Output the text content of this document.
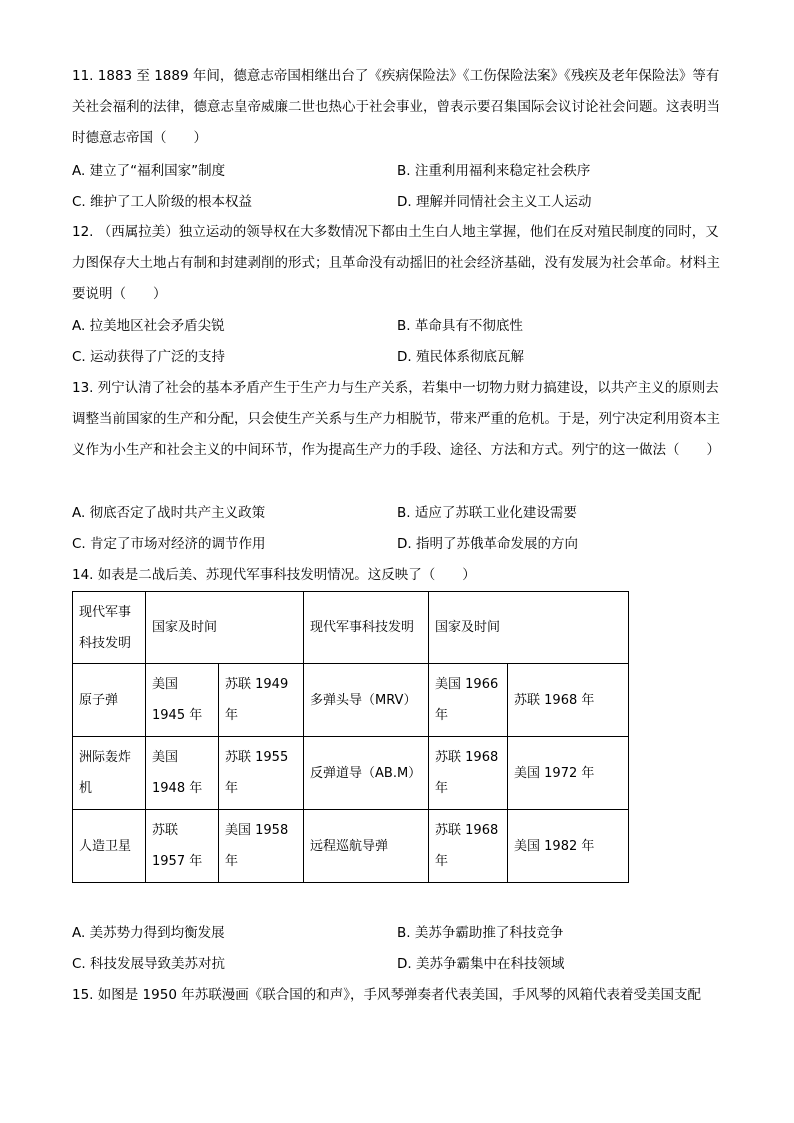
11. 1883 至 1889 年间，德意志帝国相继出台了《疾病保险法》《工伤保险法案》《残疾及老年保险法》等有关社会福利的法律，德意志皇帝威廉二世也热心于社会事业，曾表示要召集国际会议讨论社会问题。这表明当时德意志帝国（　　）
A. 建立了“福利国家”制度	B. 注重利用福利来稳定社会秩序
C. 维护了工人阶级的根本权益	D. 理解并同情社会主义工人运动
12. （西属拉美）独立运动的领导权在大多数情况下都由土生白人地主掌握，他们在反对殖民制度的同时，又力图保存大土地占有制和封建剥削的形式；且革命没有动摇旧的社会经济基础，没有发展为社会革命。材料主要说明（　　）
A. 拉美地区社会矛盾尖锐	B. 革命具有不彻底性
C. 运动获得了广泛的支持	D. 殖民体系彻底瓦解
13. 列宁认清了社会的基本矛盾产生于生产力与生产关系，若集中一切物力财力搞建设，以共产主义的原则去调整当前国家的生产和分配，只会使生产关系与生产力相脱节，带来严重的危机。于是，列宁决定利用资本主义作为小生产和社会主义的中间环节，作为提高生产力的手段、途径、方法和方式。列宁的这一做法（　　）
A. 彻底否定了战时共产主义政策	B. 适应了苏联工业化建设需要
C. 肯定了市场对经济的调节作用	D. 指明了苏俄革命发展的方向
14. 如表是二战后美、苏现代军事科技发明情况。这反映了（　　）
现代军事科技发明	国家及时间		现代军事科技发明	国家及时间	
原子弹	美国 1945 年	苏联 1949 年	多弹头导（MRV）	美国 1966 年	苏联 1968 年
洲际轰炸机	美国 1948 年	苏联 1955 年	反弹道导（AB.M）	苏联 1968 年	美国 1972 年
人造卫星	苏联 1957 年	美国 1958 年	远程巡航导弹	苏联 1968 年	美国 1982 年
A. 美苏势力得到均衡发展	B. 美苏争霸助推了科技竞争
C. 科技发展导致美苏对抗	D. 美苏争霸集中在科技领域
15. 如图是 1950 年苏联漫画《联合国的和声》，手风琴弹奏者代表美国，手风琴的风箱代表着受美国支配
